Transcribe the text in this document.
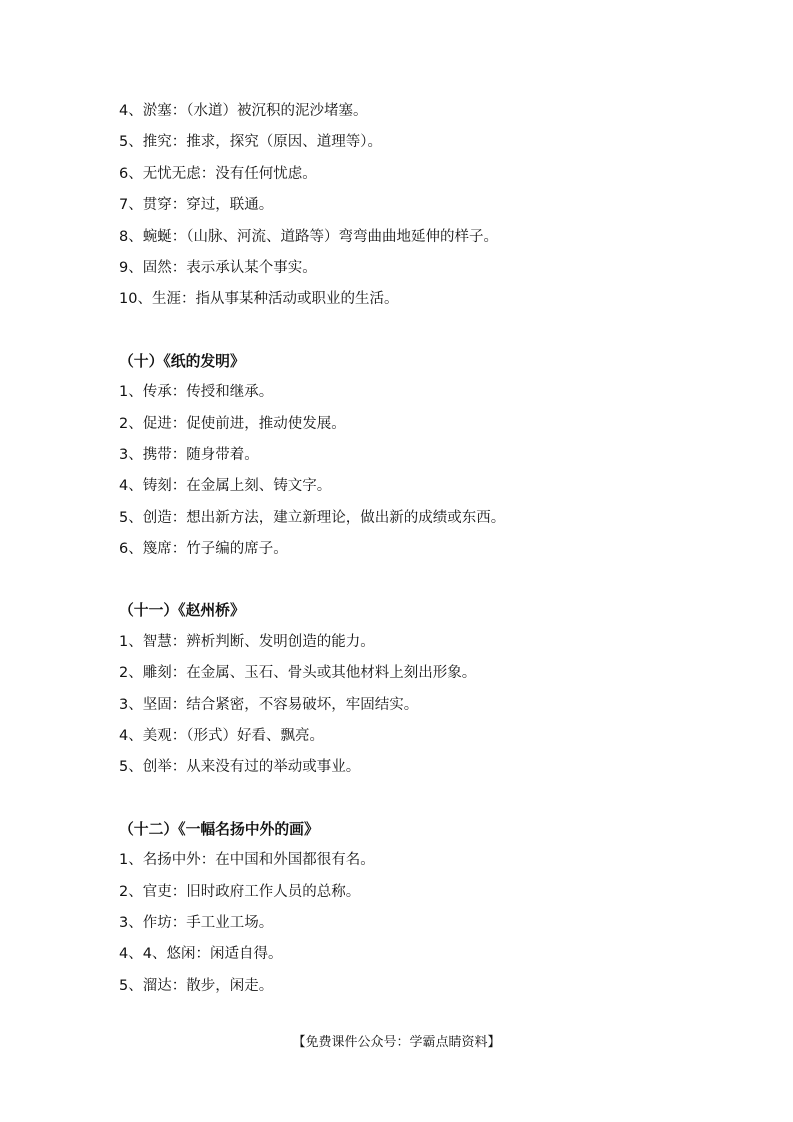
4、淤塞：（水道）被沉积的泥沙堵塞。
5、推究：推求，探究（原因、道理等）。
6、无忧无虑：没有任何忧虑。
7、贯穿：穿过，联通。
8、蜿蜒：（山脉、河流、道路等）弯弯曲曲地延伸的样子。
9、固然：表示承认某个事实。
10、生涯：指从事某种活动或职业的生活。
（十）《纸的发明》
1、传承：传授和继承。
2、促进：促使前进，推动使发展。
3、携带：随身带着。
4、铸刻：在金属上刻、铸文字。
5、创造：想出新方法，建立新理论，做出新的成绩或东西。
6、篾席：竹子编的席子。
（十一）《赵州桥》
1、智慧：辨析判断、发明创造的能力。
2、雕刻：在金属、玉石、骨头或其他材料上刻出形象。
3、坚固：结合紧密，不容易破坏，牢固结实。
4、美观：（形式）好看、飘亮。
5、创举：从来没有过的举动或事业。
（十二）《一幅名扬中外的画》
1、名扬中外：在中国和外国都很有名。
2、官吏：旧时政府工作人员的总称。
3、作坊：手工业工场。
4、4、悠闲：闲适自得。
5、溜达：散步，闲走。
【免费课件公众号：学霸点睛资料】
